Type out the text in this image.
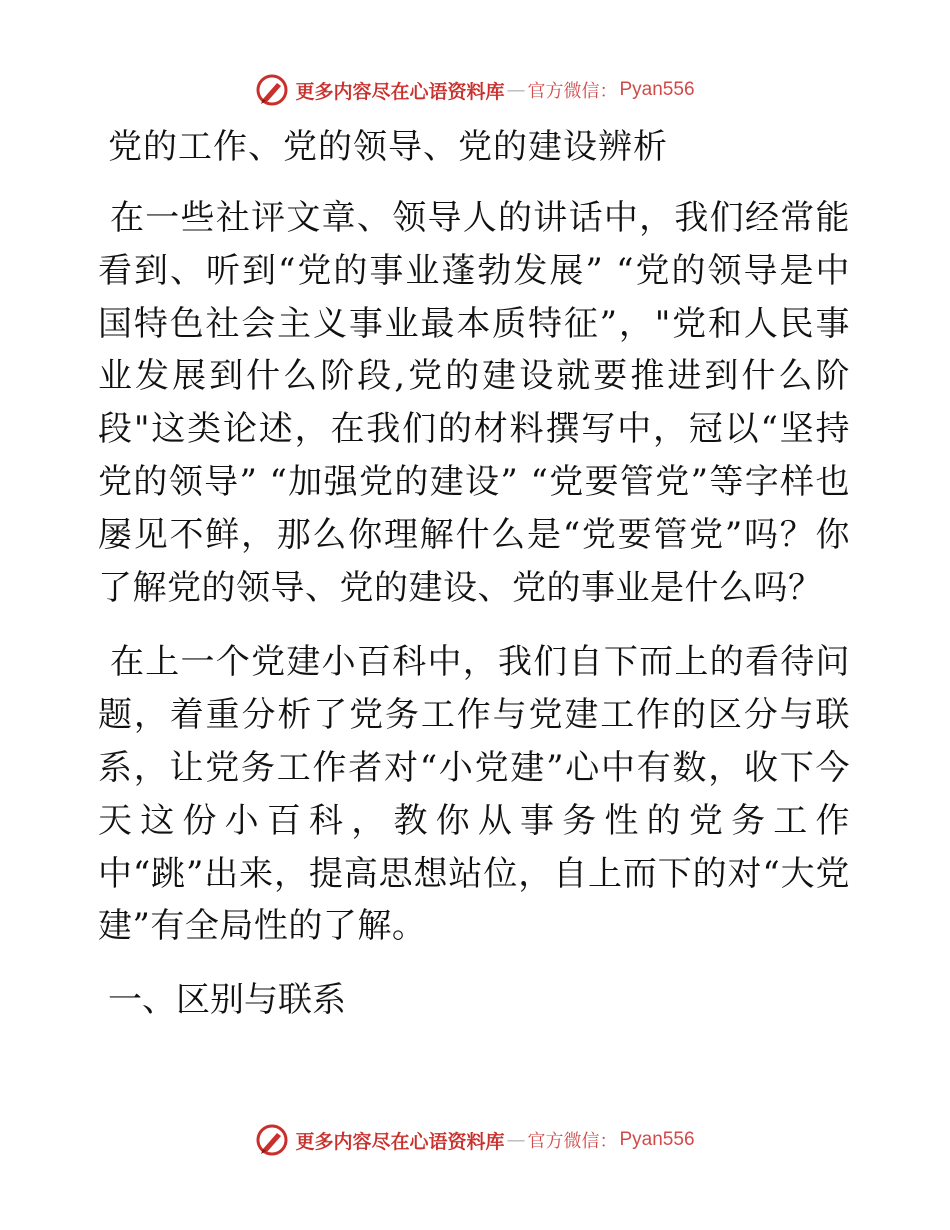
更多内容尽在心语资料库 — 官方微信： Pyan556
党的工作、党的领导、党的建设辨析

在一些社评文章、领导人的讲话中，我们经常能看到、听到“党的事业蓬勃发展” “党的领导是中国特色社会主义事业最本质特征”，"党和人民事业发展到什么阶段,党的建设就要推进到什么阶段"这类论述，在我们的材料撰写中，冠以“坚持党的领导” “加强党的建设” “党要管党”等字样也屡见不鲜，那么你理解什么是“党要管党”吗？你了解党的领导、党的建设、党的事业是什么吗？

在上一个党建小百科中，我们自下而上的看待问题，着重分析了党务工作与党建工作的区分与联系，让党务工作者对“小党建”心中有数，收下今天这份小百科，教你从事务性的党务工作中“跳”出来，提高思想站位，自上而下的对“大党建”有全局性的了解。

一、区别与联系
更多内容尽在心语资料库 — 官方微信： Pyan556
